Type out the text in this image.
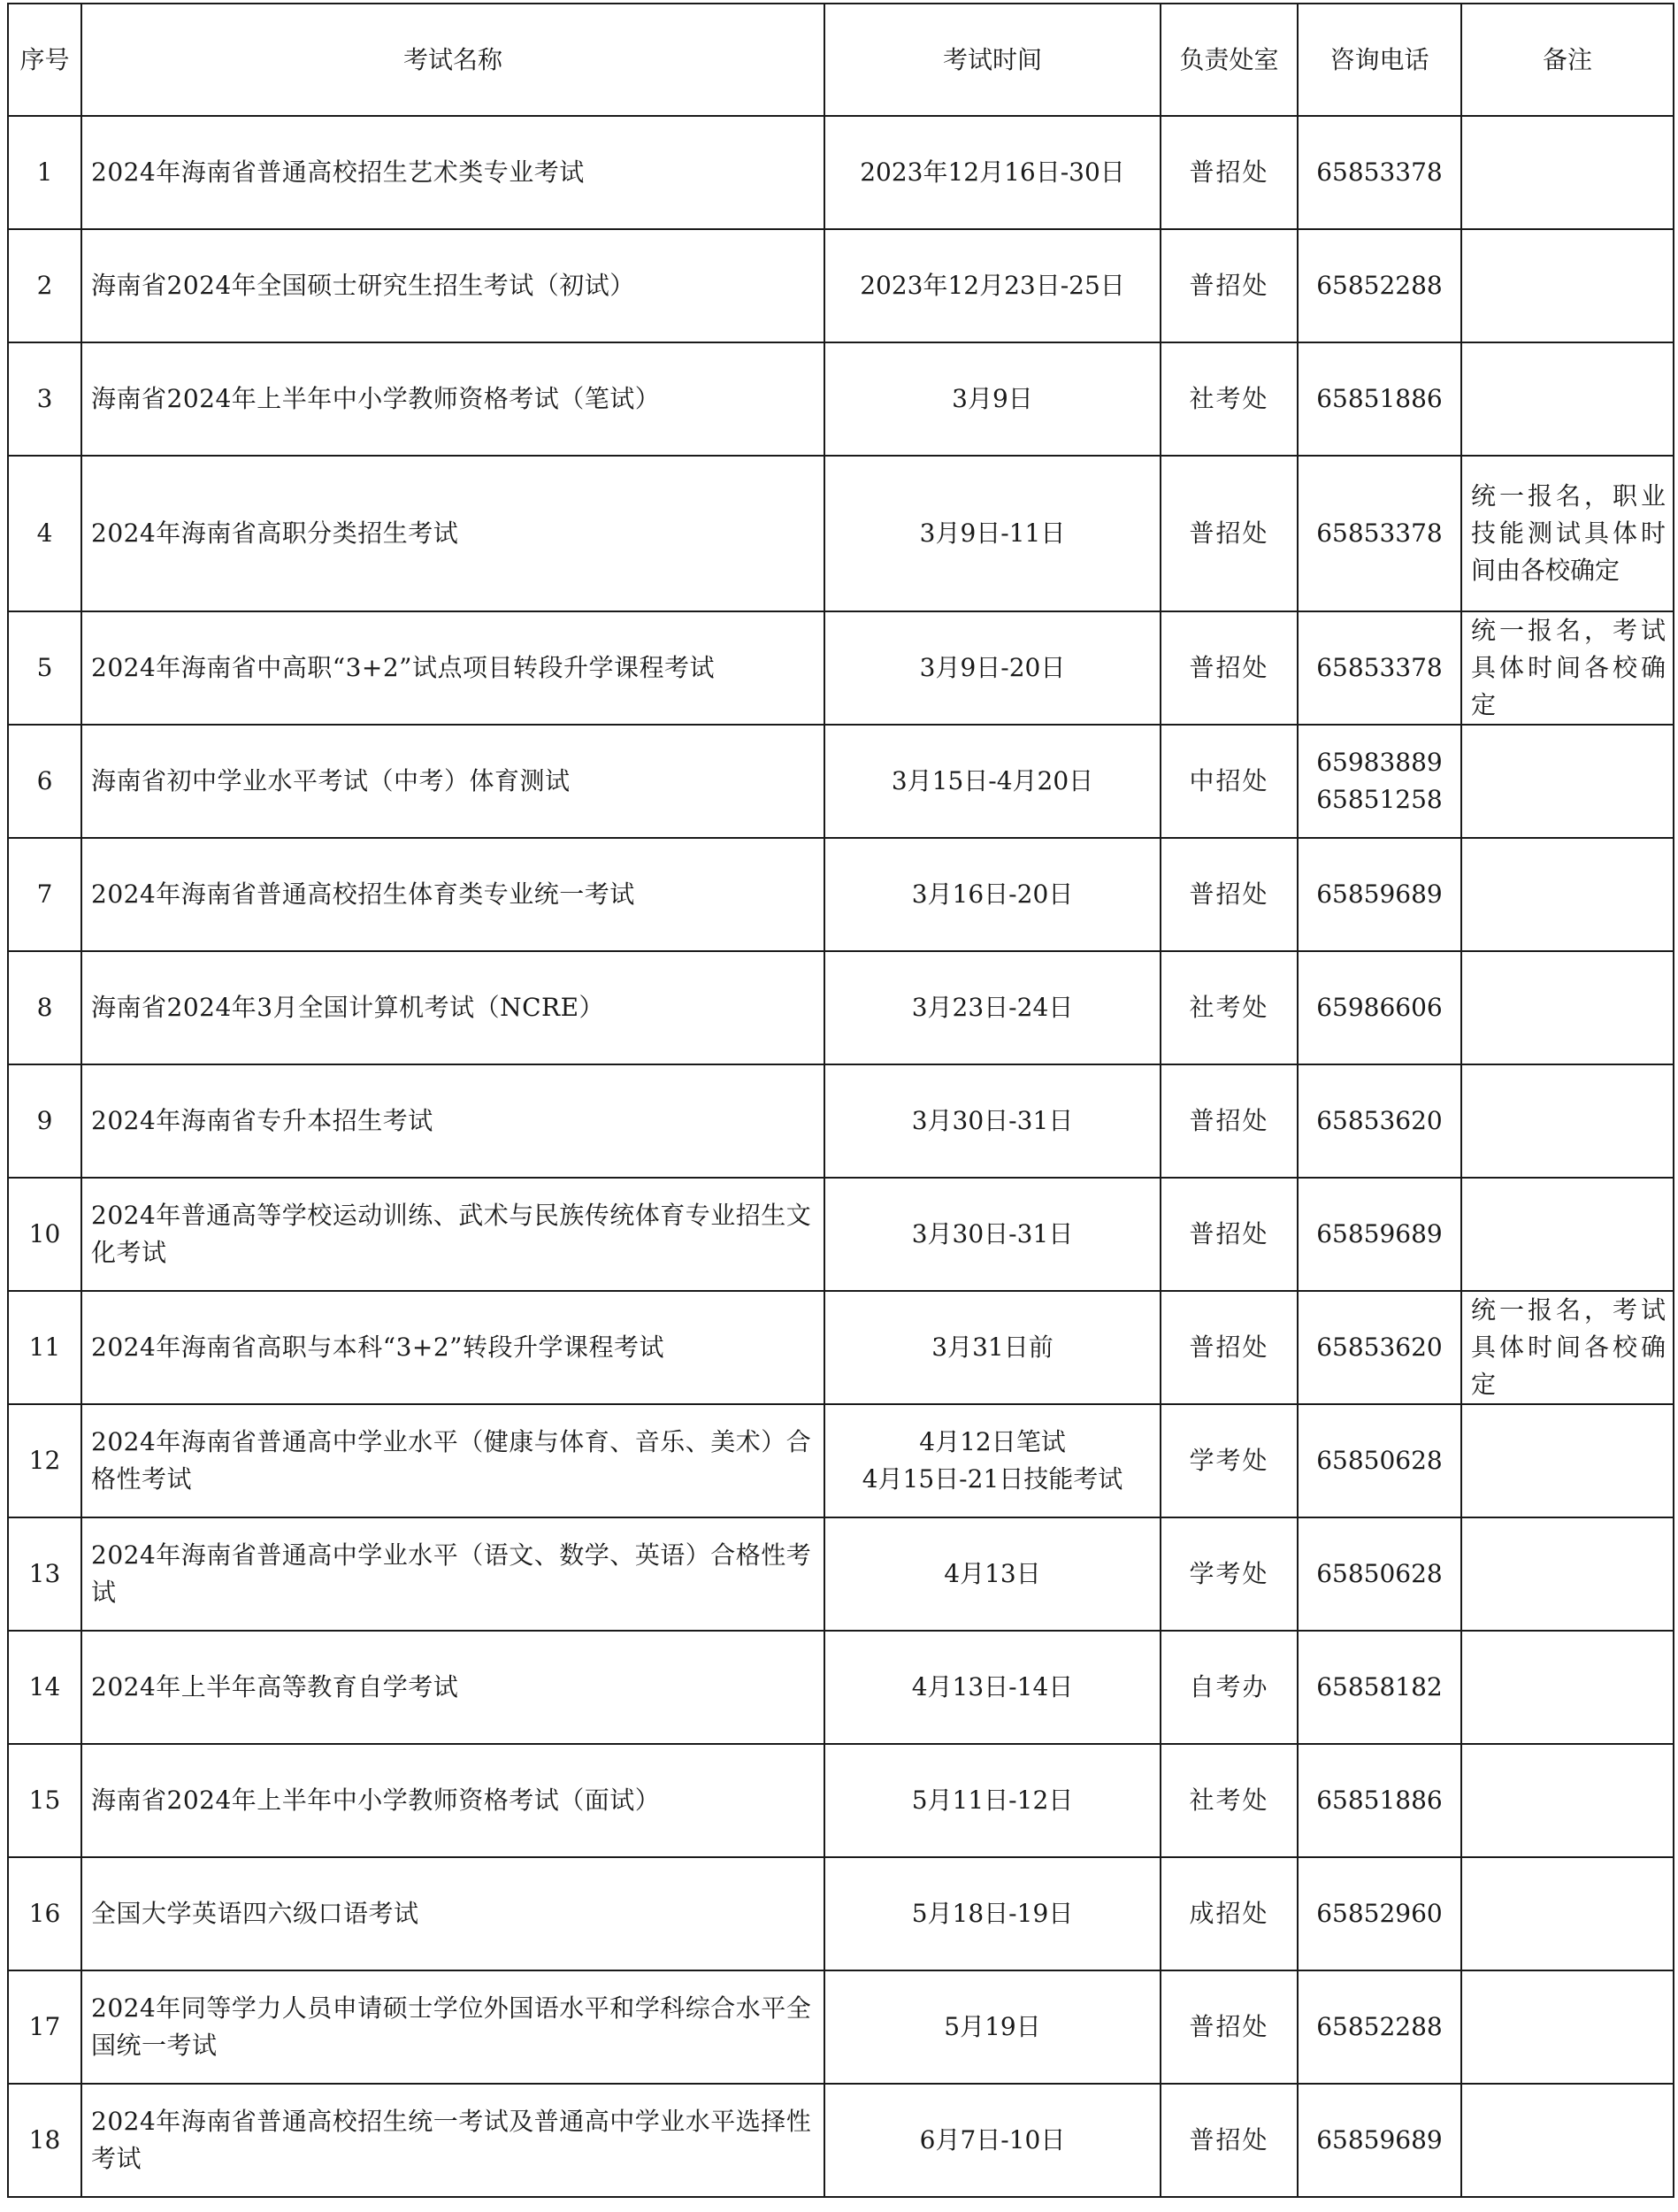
序号	考试名称	考试时间	负责处室	咨询电话	备注
1	2024年海南省普通高校招生艺术类专业考试	2023年12月16日-30日	普招处	65853378	

2	海南省2024年全国硕士研究生招生考试（初试）	2023年12月23日-25日	普招处	65852288	

3	海南省2024年上半年中小学教师资格考试（笔试）	3月9日	社考处	65851886	

4	2024年海南省高职分类招生考试	3月9日-11日	普招处	65853378	统一报名，职业技能测试具体时间由各校确定
5	2024年海南省中高职“3+2”试点项目转段升学课程考试	3月9日-20日	普招处	65853378	统一报名，考试具体时间各校确定
6	海南省初中学业水平考试（中考）体育测试	3月15日-4月20日	中招处	65983889
65851258	

7	2024年海南省普通高校招生体育类专业统一考试	3月16日-20日	普招处	65859689	

8	海南省2024年3月全国计算机考试（NCRE）	3月23日-24日	社考处	65986606	

9	2024年海南省专升本招生考试	3月30日-31日	普招处	65853620	

10	2024年普通高等学校运动训练、武术与民族传统体育专业招生文化考试	3月30日-31日	普招处	65859689	

11	2024年海南省高职与本科“3+2”转段升学课程考试	3月31日前	普招处	65853620	统一报名，考试具体时间各校确定
12	2024年海南省普通高中学业水平（健康与体育、音乐、美术）合格性考试	4月12日笔试
4月15日-21日技能考试	学考处	65850628	

13	2024年海南省普通高中学业水平（语文、数学、英语）合格性考试	4月13日	学考处	65850628	

14	2024年上半年高等教育自学考试	4月13日-14日	自考办	65858182	

15	海南省2024年上半年中小学教师资格考试（面试）	5月11日-12日	社考处	65851886	

16	全国大学英语四六级口语考试	5月18日-19日	成招处	65852960	

17	2024年同等学力人员申请硕士学位外国语水平和学科综合水平全国统一考试	5月19日	普招处	65852288	

18	2024年海南省普通高校招生统一考试及普通高中学业水平选择性考试	6月7日-10日	普招处	65859689	
